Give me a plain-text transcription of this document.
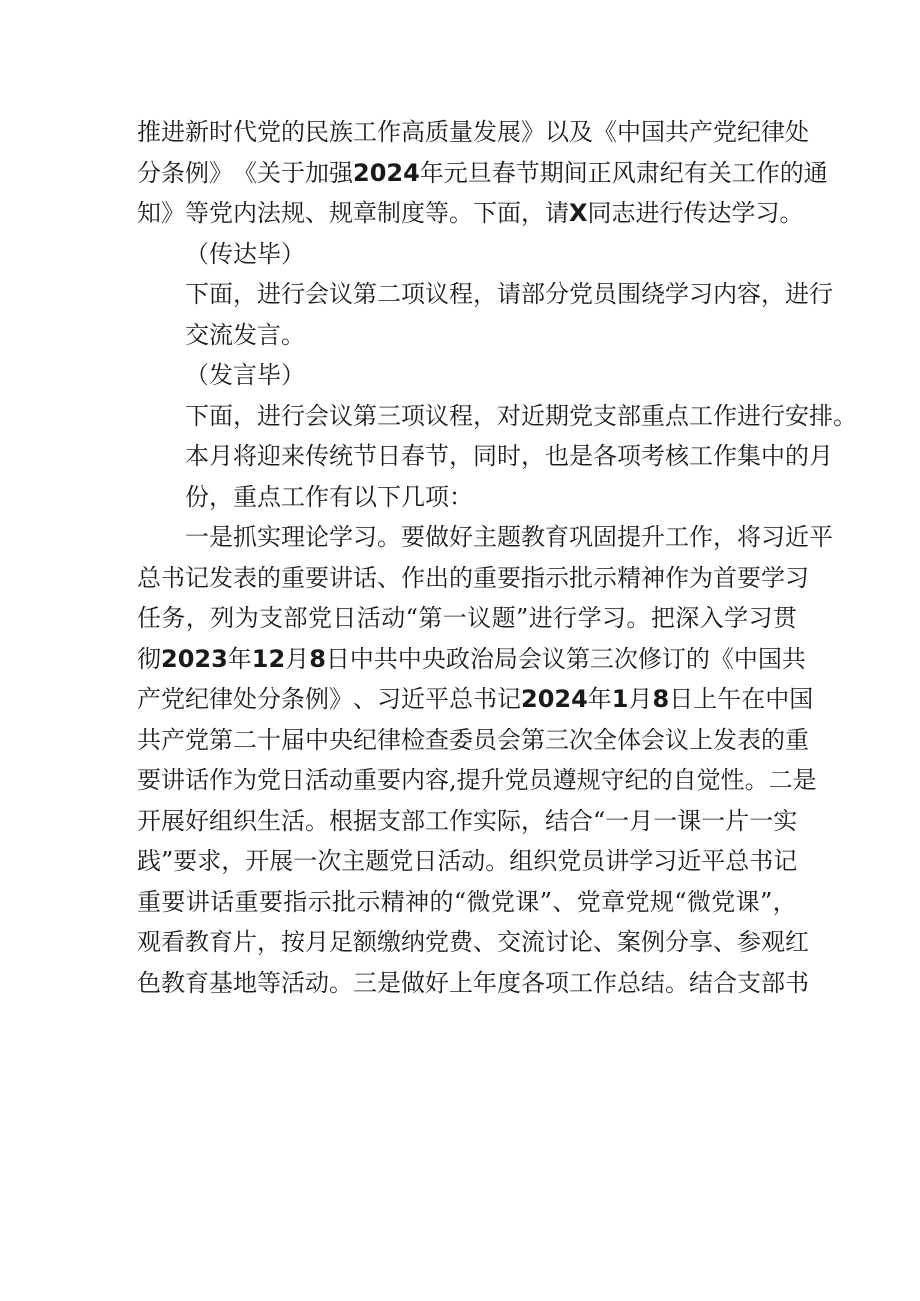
推 进 新 时 代 党 的 民 族 工 作 高 质 量 发 展 》 以 及 《 中 国 共 产 党 纪 律 处
分 条 例 》 《 关 于 加 强 2024 年 元 旦 春 节 期 间 正 风 肃 纪 有 关 工 作 的 通
知 》 等 党 内 法 规 、 规 章 制 度 等 。 下 面 ， 请 X 同 志 进 行 传 达 学 习 。
（ 传 达 毕 ）
下 面 ， 进 行 会 议 第 二 项 议 程 ， 请 部 分 党 员 围 绕 学 习 内 容 ， 进 行
交 流 发 言 。
（ 发 言 毕 ）
下 面 ， 进 行 会 议 第 三 项 议 程 ， 对 近 期 党 支 部 重 点 工 作 进 行 安 排 。
本 月 将 迎 来 传 统 节 日 春 节 ， 同 时 ， 也 是 各 项 考 核 工 作 集 中 的 月
份 ， 重 点 工 作 有 以 下 几 项 ：
一 是 抓 实 理 论 学 习 。 要 做 好 主 题 教 育 巩 固 提 升 工 作 ， 将 习 近 平
总 书 记 发 表 的 重 要 讲 话 、 作 出 的 重 要 指 示 批 示 精 神 作 为 首 要 学 习
任 务 ， 列 为 支 部 党 日 活 动 “ 第 一 议 题 ” 进 行 学 习 。 把 深 入 学 习 贯
彻 2023 年 12 月 8 日 中 共 中 央 政 治 局 会 议 第 三 次 修 订 的 《 中 国 共
产 党 纪 律 处 分 条 例 》 、 习 近 平 总 书 记 2024 年 1 月 8 日 上 午 在 中 国
共 产 党 第 二 十 届 中 央 纪 律 检 查 委 员 会 第 三 次 全 体 会 议 上 发 表 的 重
要 讲 话 作 为 党 日 活 动 重 要 内 容 , 提 升 党 员 遵 规 守 纪 的 自 觉 性 。 二 是
开 展 好 组 织 生 活 。 根 据 支 部 工 作 实 际 ， 结 合 “ 一 月 一 课 一 片 一 实
践 ” 要 求 ， 开 展 一 次 主 题 党 日 活 动 。 组 织 党 员 讲 学 习 近 平 总 书 记
重 要 讲 话 重 要 指 示 批 示 精 神 的 “ 微 党 课 ” 、 党 章 党 规 “ 微 党 课 ” ，
观 看 教 育 片 ， 按 月 足 额 缴 纳 党 费 、 交 流 讨 论 、 案 例 分 享 、 参 观 红
色 教 育 基 地 等 活 动 。 三 是 做 好 上 年 度 各 项 工 作 总 结 。 结 合 支 部 书
